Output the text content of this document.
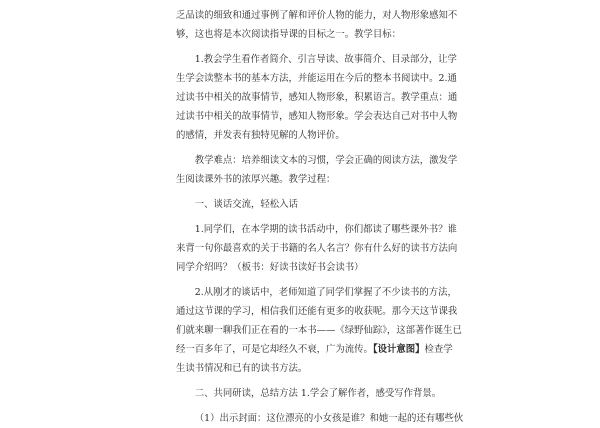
乏品读的细致和通过事例了解和评价人物的能力，对人物形象感知不
够，这也将是本次阅读指导课的目标之一。教学目标：

1.教会学生看作者简介、引言导读、故事简介、目录部分，让学
生学会读整本书的基本方法，并能运用在今后的整本书阅读中。2.通
过读书中相关的故事情节，感知人物形象，积累语言。教学重点：通
过读书中相关的故事情节，感知人物形象。学会表达自己对书中人物
的感情，并发表有独特见解的人物评价。

教学难点：培养细读文本的习惯，学会正确的阅读方法，激发学
生阅读课外书的浓厚兴趣。教学过程：

一、谈话交流，轻松入话

1.同学们，在本学期的读书活动中，你们都读了哪些课外书？谁
来背一句你最喜欢的关于书籍的名人名言？你有什么好的读书方法向
同学介绍吗？（板书：好读书读好书会读书）

2.从刚才的谈话中，老师知道了同学们掌握了不少读书的方法，
通过这节课的学习，相信我们还能有更多的收获呢。那今天这节课我
们就来聊一聊我们正在看的一本书——《绿野仙踪》，这部著作诞生已
经一百多年了，可是它却经久不衰，广为流传。【设计意图】检查学
生读书情况和已有的读书方法。

二、共同研读，总结方法 1.学会了解作者，感受写作背景。

（1）出示封面：这位漂亮的小女孩是谁？和她一起的还有哪些伙
